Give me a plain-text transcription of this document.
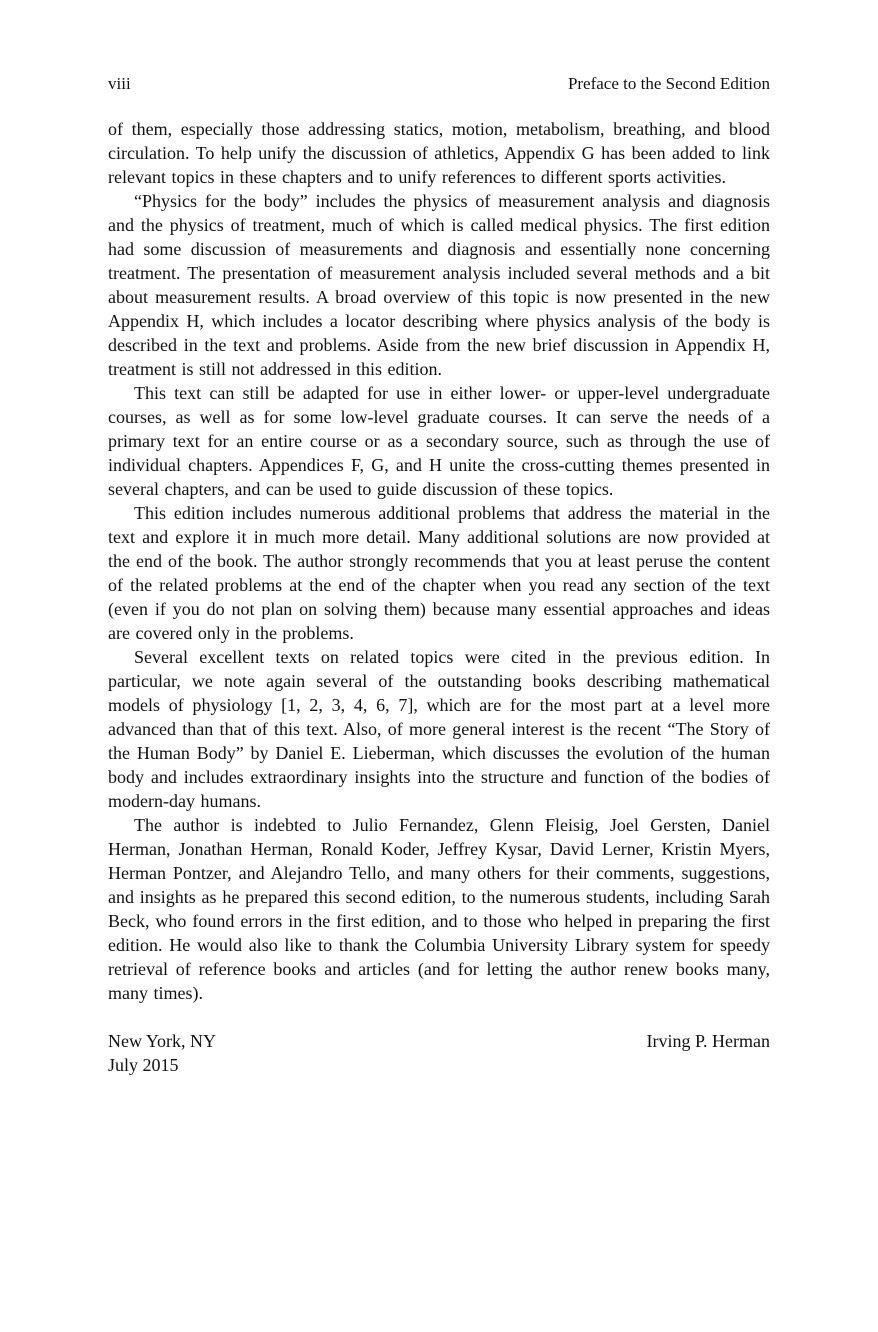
viii	Preface to the Second Edition

of them, especially those addressing statics, motion, metabolism, breathing, and blood circulation. To help unify the discussion of athletics, Appendix G has been added to link relevant topics in these chapters and to unify references to different sports activities.

“Physics for the body” includes the physics of measurement analysis and diagnosis and the physics of treatment, much of which is called medical physics. The first edition had some discussion of measurements and diagnosis and essentially none concerning treatment. The presentation of measurement analysis included several methods and a bit about measurement results. A broad overview of this topic is now presented in the new Appendix H, which includes a locator describing where physics analysis of the body is described in the text and problems. Aside from the new brief discussion in Appendix H, treatment is still not addressed in this edition.

This text can still be adapted for use in either lower- or upper-level undergraduate courses, as well as for some low-level graduate courses. It can serve the needs of a primary text for an entire course or as a secondary source, such as through the use of individual chapters. Appendices F, G, and H unite the cross-cutting themes presented in several chapters, and can be used to guide discussion of these topics.

This edition includes numerous additional problems that address the material in the text and explore it in much more detail. Many additional solutions are now provided at the end of the book. The author strongly recommends that you at least peruse the content of the related problems at the end of the chapter when you read any section of the text (even if you do not plan on solving them) because many essential approaches and ideas are covered only in the problems.

Several excellent texts on related topics were cited in the previous edition. In particular, we note again several of the outstanding books describing mathematical models of physiology [1, 2, 3, 4, 6, 7], which are for the most part at a level more advanced than that of this text. Also, of more general interest is the recent “The Story of the Human Body” by Daniel E. Lieberman, which discusses the evolution of the human body and includes extraordinary insights into the structure and function of the bodies of modern-day humans.

The author is indebted to Julio Fernandez, Glenn Fleisig, Joel Gersten, Daniel Herman, Jonathan Herman, Ronald Koder, Jeffrey Kysar, David Lerner, Kristin Myers, Herman Pontzer, and Alejandro Tello, and many others for their comments, suggestions, and insights as he prepared this second edition, to the numerous students, including Sarah Beck, who found errors in the first edition, and to those who helped in preparing the first edition. He would also like to thank the Columbia University Library system for speedy retrieval of reference books and articles (and for letting the author renew books many, many times).

New York, NY	Irving P. Herman
July 2015
